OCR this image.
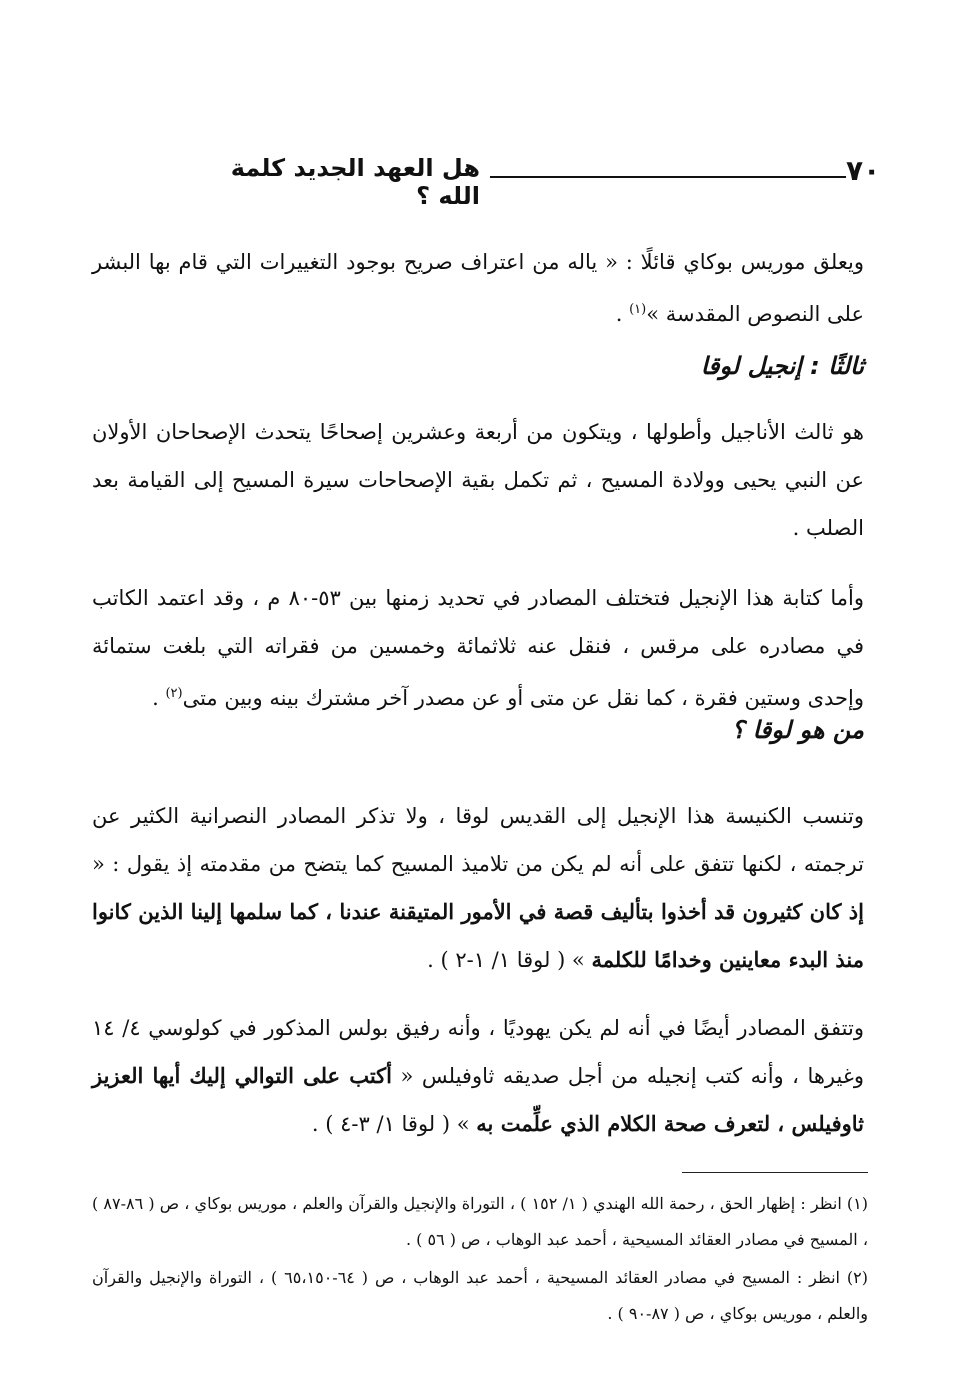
٧٠
هل العهد الجديد كلمة الله ؟
ويعلق موريس بوكاي قائلًا : « ياله من اعتراف صريح بوجود التغييرات التي قام بها البشر على النصوص المقدسة »$^{(١)}$ .
ثالثًا : إنجيل لوقا
هو ثالث الأناجيل وأطولها ، ويتكون من أربعة وعشرين إصحاحًا يتحدث الإصحاحان الأولان عن النبي يحيى وولادة المسيح ، ثم تكمل بقية الإصحاحات سيرة المسيح إلى القيامة بعد الصلب .
وأما كتابة هذا الإنجيل فتختلف المصادر في تحديد زمنها بين ٥٣-٨٠ م ، وقد اعتمد الكاتب في مصادره على مرقس ، فنقل عنه ثلاثمائة وخمسين من فقراته التي بلغت ستمائة وإحدى وستين فقرة ، كما نقل عن متى أو عن مصدر آخر مشترك بينه وبين متى$^{(٢)}$ .
من هو لوقا ؟
وتنسب الكنيسة هذا الإنجيل إلى القديس لوقا ، ولا تذكر المصادر النصرانية الكثير عن ترجمته ، لكنها تتفق على أنه لم يكن من تلاميذ المسيح كما يتضح من مقدمته إذ يقول : « إذ كان كثيرون قد أخذوا بتأليف قصة في الأمور المتيقنة عندنا ، كما سلمها إلينا الذين كانوا منذ البدء معاينين وخدامًا للكلمة » ( لوقا ١/ ١-٢ ) .
وتتفق المصادر أيضًا في أنه لم يكن يهوديًا ، وأنه رفيق بولس المذكور في كولوسي ٤/ ١٤ وغيرها ، وأنه كتب إنجيله من أجل صديقه ثاوفيلس « أكتب على التوالي إليك أيها العزيز ثاوفيلس ، لتعرف صحة الكلام الذي علِّمت به » ( لوقا ١/ ٣-٤ ) .
(١) انظر : إظهار الحق ، رحمة الله الهندي ( ١/ ١٥٢ ) ، التوراة والإنجيل والقرآن والعلم ، موريس بوكاي ، ص ( ٨٦-٨٧ ) ، المسيح في مصادر العقائد المسيحية ، أحمد عبد الوهاب ، ص ( ٥٦ ) .
(٢) انظر : المسيح في مصادر العقائد المسيحية ، أحمد عبد الوهاب ، ص ( ٦٤-٦٥،١٥٠ ) ، التوراة والإنجيل والقرآن والعلم ، موريس بوكاي ، ص ( ٨٧-٩٠ ) .
